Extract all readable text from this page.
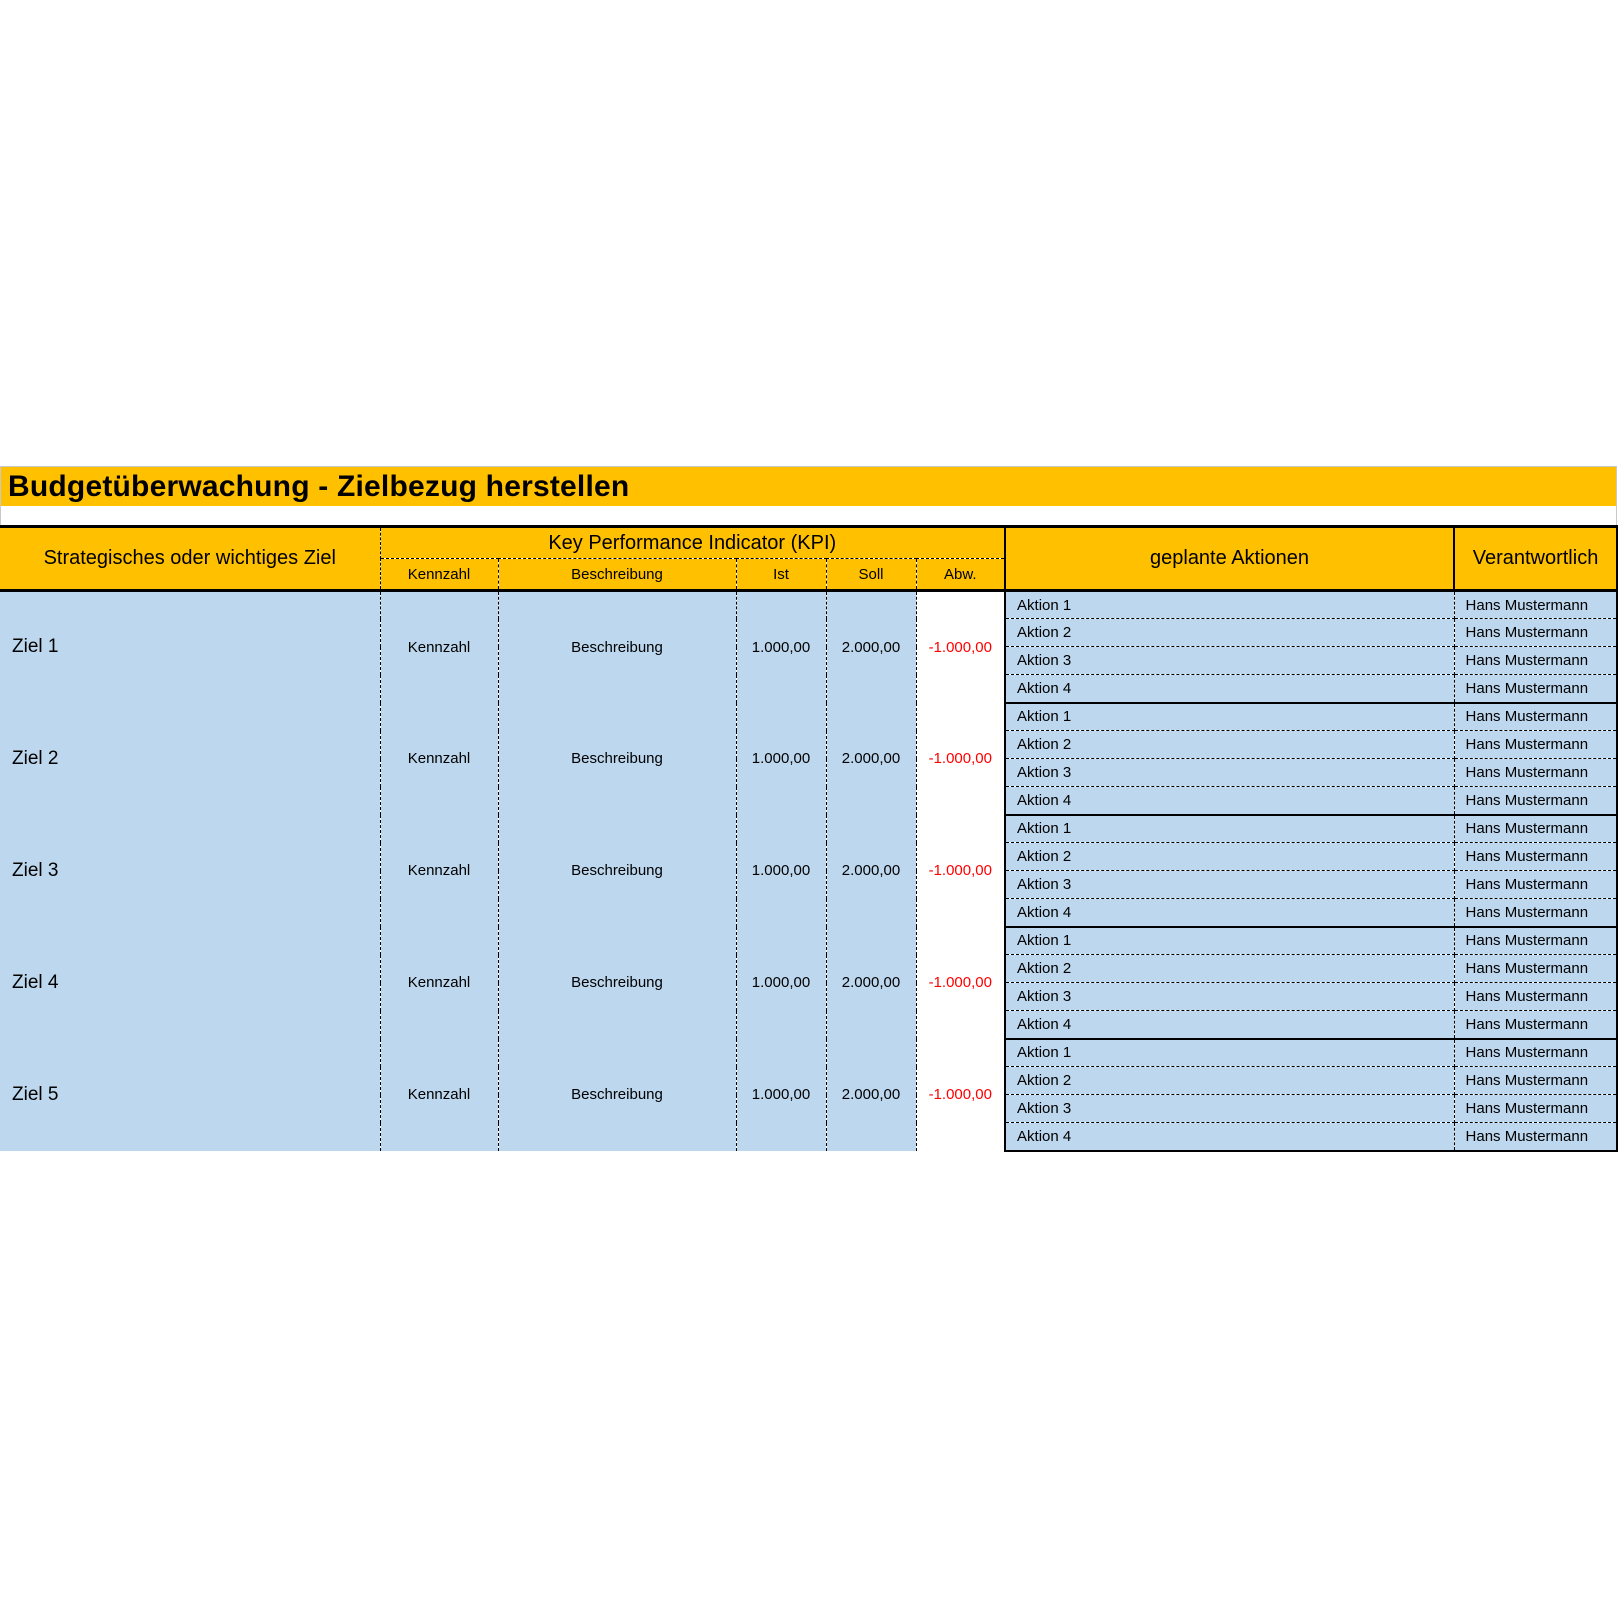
Budgetüberwachung - Zielbezug herstellen
Strategisches oder wichtiges Ziel	Key Performance Indicator (KPI)					geplante Aktionen	Verantwortlich
	Kennzahl	Beschreibung	Ist	Soll	Abw.		
Ziel 1	Kennzahl	Beschreibung	1.000,00	2.000,00	-1.000,00	Aktion 1	Hans Mustermann
						Aktion 2	Hans Mustermann
						Aktion 3	Hans Mustermann
						Aktion 4	Hans Mustermann
Ziel 2	Kennzahl	Beschreibung	1.000,00	2.000,00	-1.000,00	Aktion 1	Hans Mustermann
						Aktion 2	Hans Mustermann
						Aktion 3	Hans Mustermann
						Aktion 4	Hans Mustermann
Ziel 3	Kennzahl	Beschreibung	1.000,00	2.000,00	-1.000,00	Aktion 1	Hans Mustermann
						Aktion 2	Hans Mustermann
						Aktion 3	Hans Mustermann
						Aktion 4	Hans Mustermann
Ziel 4	Kennzahl	Beschreibung	1.000,00	2.000,00	-1.000,00	Aktion 1	Hans Mustermann
						Aktion 2	Hans Mustermann
						Aktion 3	Hans Mustermann
						Aktion 4	Hans Mustermann
Ziel 5	Kennzahl	Beschreibung	1.000,00	2.000,00	-1.000,00	Aktion 1	Hans Mustermann
						Aktion 2	Hans Mustermann
						Aktion 3	Hans Mustermann
						Aktion 4	Hans Mustermann
